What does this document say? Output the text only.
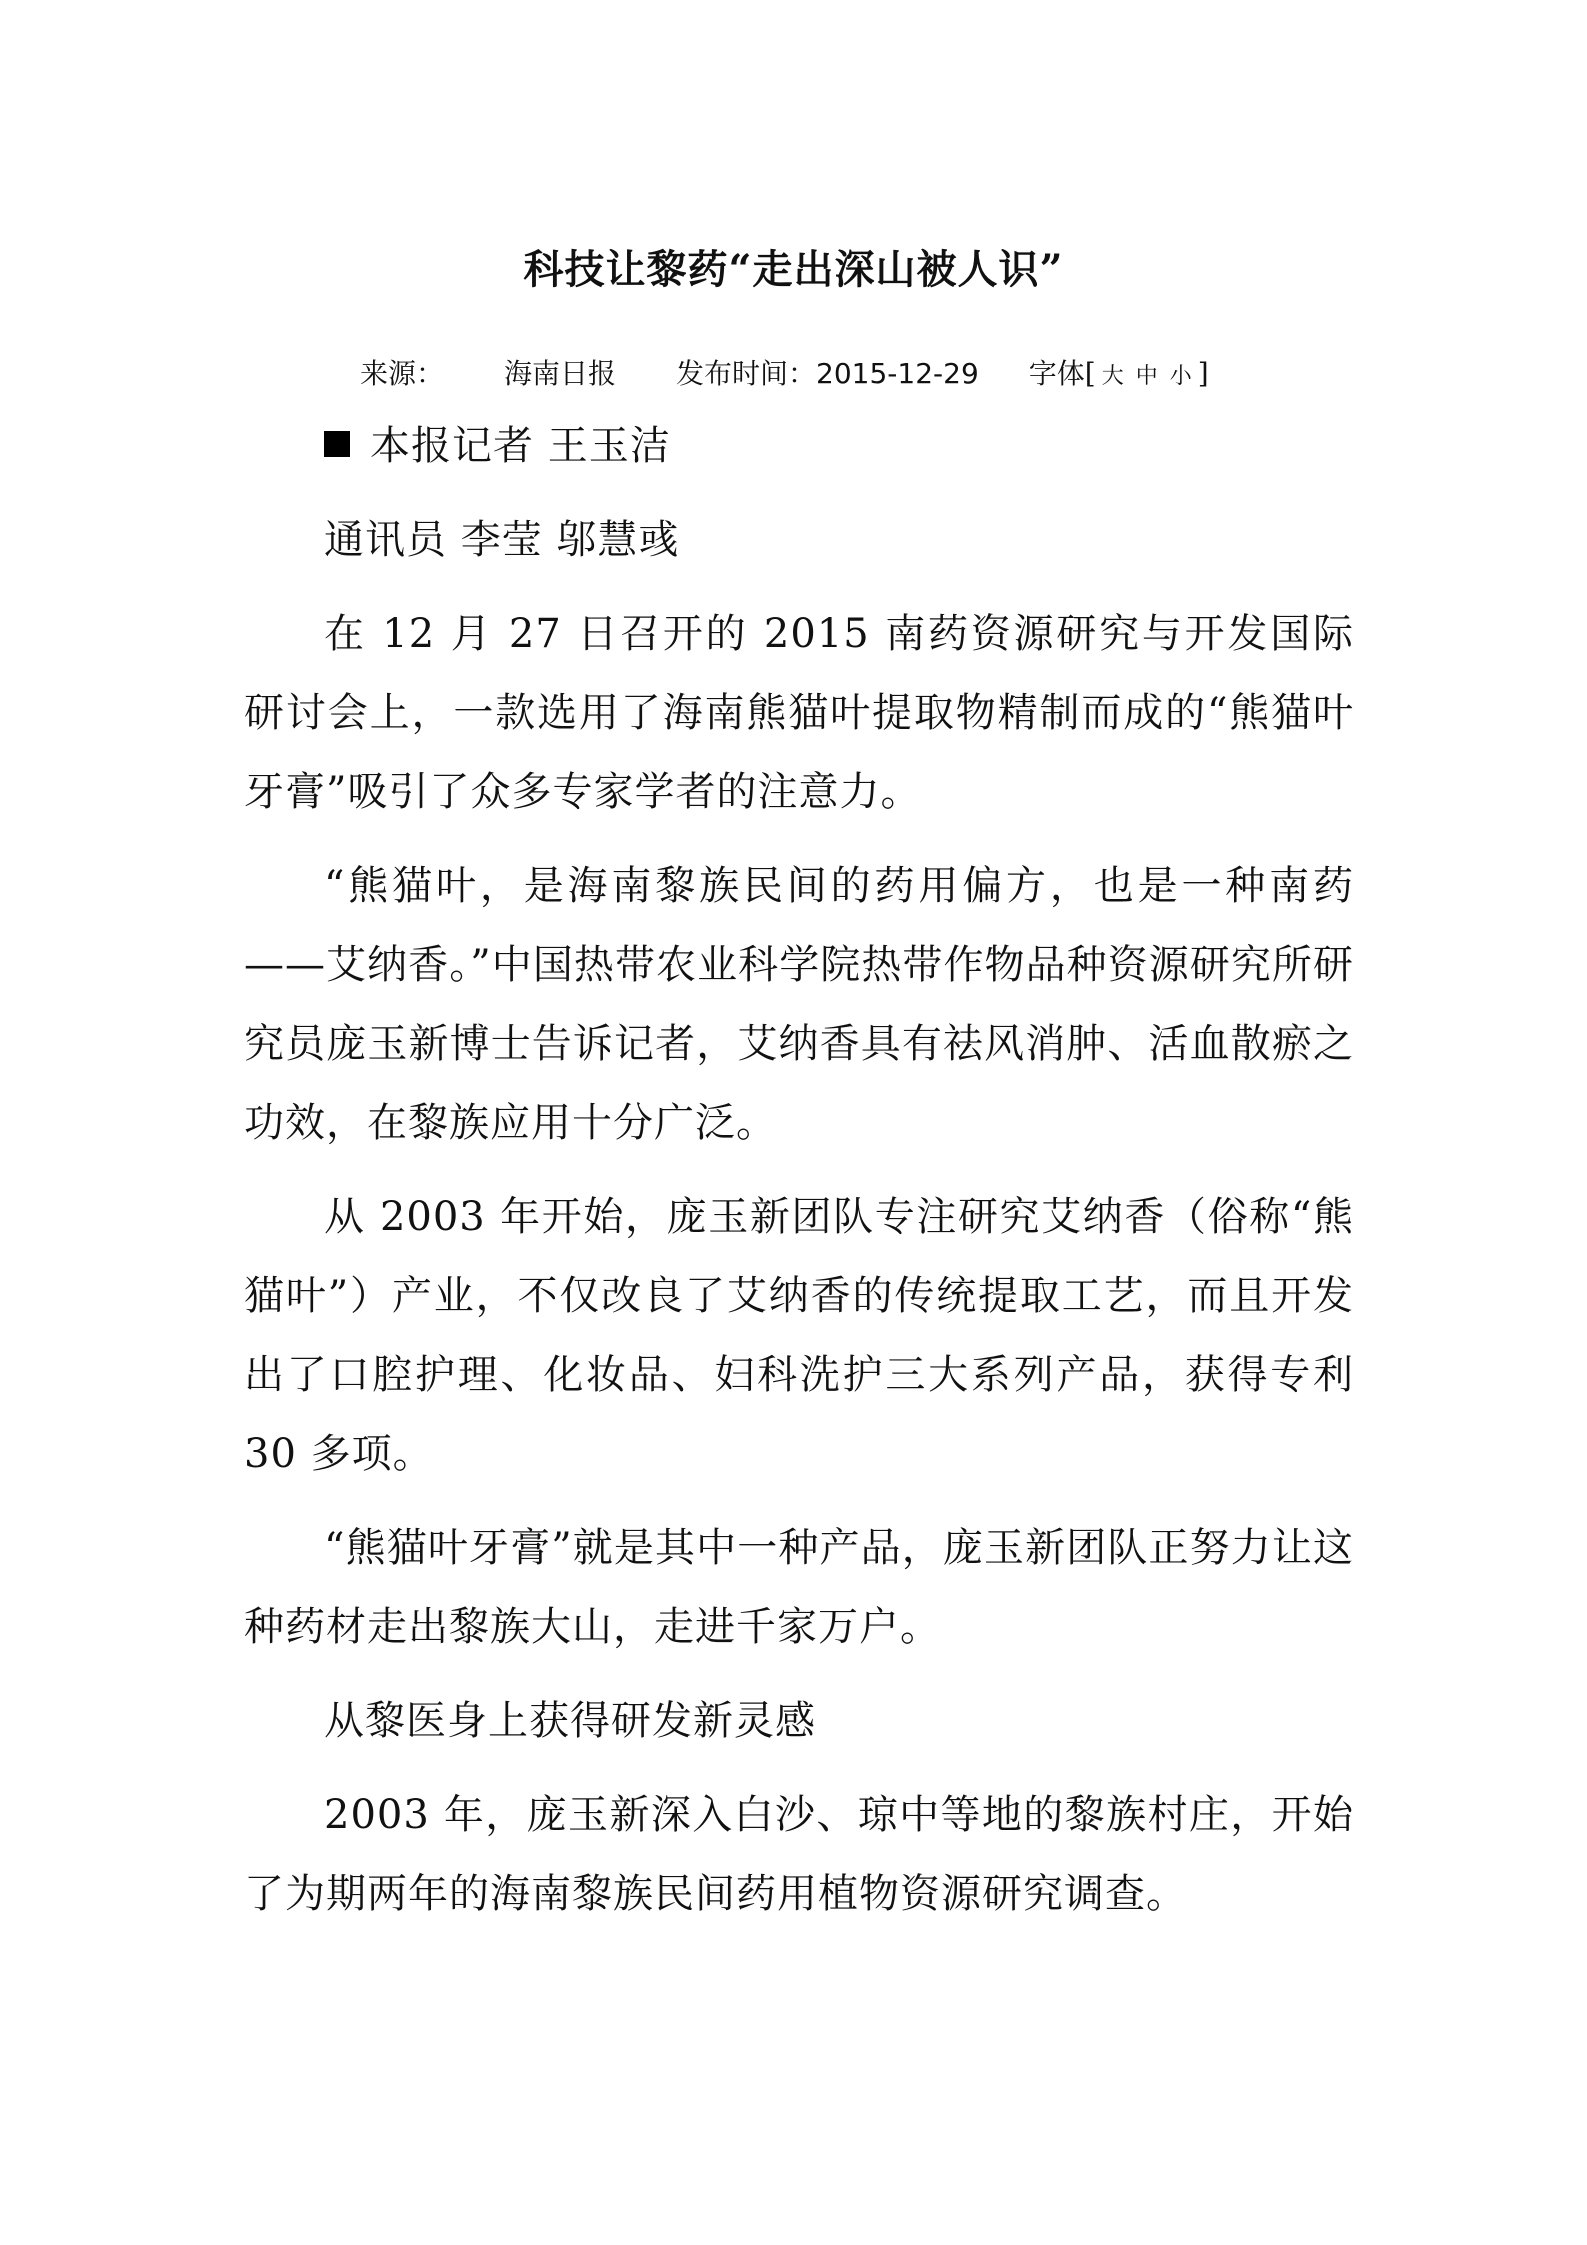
科技让黎药“走出深山被人识”
来源： 海南日报 发布时间：2015-12-29 字体[ 大 中 小 ]

本报记者 王玉洁

通讯员 李莹 邬慧彧

在 12 月 27 日召开的 2015 南药资源研究与开发国际研讨会上，一款选用了海南熊猫叶提取物精制而成的“熊猫叶牙膏”吸引了众多专家学者的注意力。

“熊猫叶，是海南黎族民间的药用偏方，也是一种南药——艾纳香。”中国热带农业科学院热带作物品种资源研究所研究员庞玉新博士告诉记者，艾纳香具有祛风消肿、活血散瘀之功效，在黎族应用十分广泛。

从 2003 年开始，庞玉新团队专注研究艾纳香（俗称“熊猫叶”）产业，不仅改良了艾纳香的传统提取工艺，而且开发出了口腔护理、化妆品、妇科洗护三大系列产品，获得专利 30 多项。

“熊猫叶牙膏”就是其中一种产品，庞玉新团队正努力让这种药材走出黎族大山，走进千家万户。

从黎医身上获得研发新灵感

2003 年，庞玉新深入白沙、琼中等地的黎族村庄，开始了为期两年的海南黎族民间药用植物资源研究调查。
